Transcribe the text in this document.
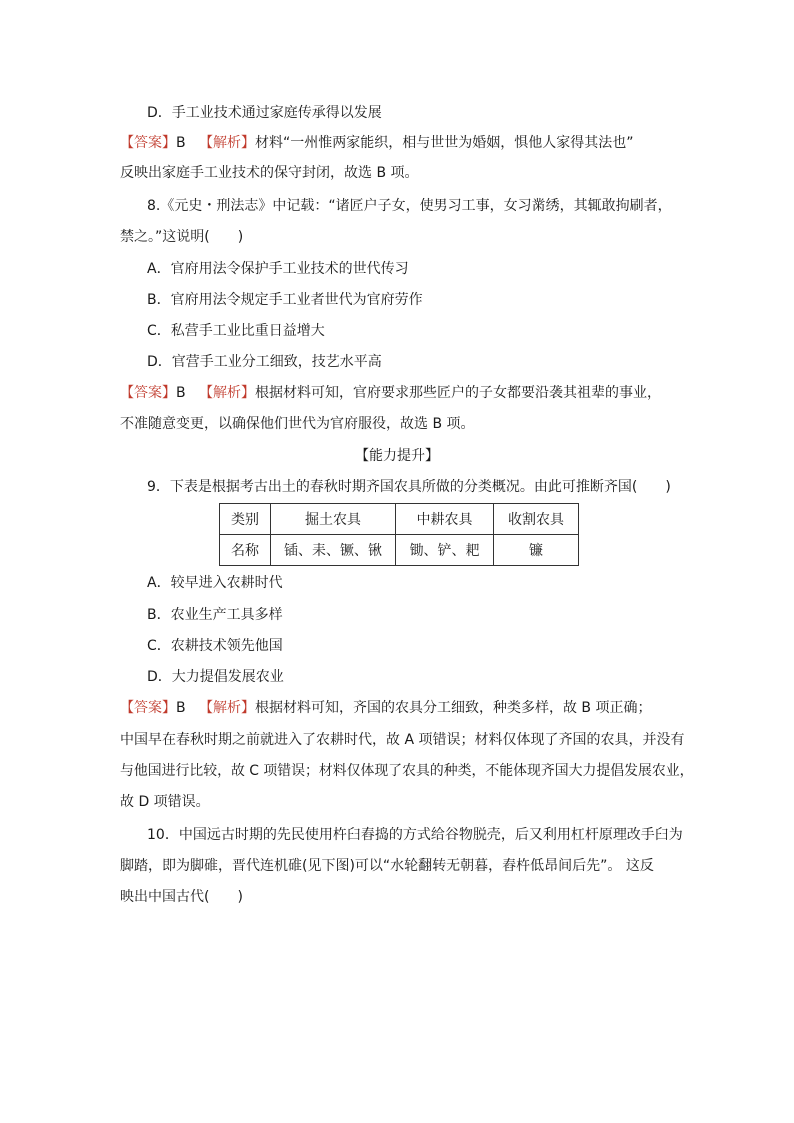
D．手工业技术通过家庭传承得以发展
【答案】B 【解析】材料“一州惟两家能织，相与世世为婚姻，惧他人家得其法也”
反映出家庭手工业技术的保守封闭，故选 B 项。
8.《元史・刑法志》中记载：“诸匠户子女，使男习工事，女习黹绣，其辄敢拘刷者，
禁之。”这说明(　　)
A．官府用法令保护手工业技术的世代传习
B．官府用法令规定手工业者世代为官府劳作
C．私营手工业比重日益增大
D．官营手工业分工细致，技艺水平高
【答案】B 【解析】根据材料可知，官府要求那些匠户的子女都要沿袭其祖辈的事业，
不准随意变更，以确保他们世代为官府服役，故选 B 项。
【能力提升】
9．下表是根据考古出土的春秋时期齐国农具所做的分类概况。由此可推断齐国(　　)
类别	掘土农具	中耕农具	收割农具
名称	锸、耒、镢、锹	锄、铲、耙	镰
A．较早进入农耕时代
B．农业生产工具多样
C．农耕技术领先他国
D．大力提倡发展农业
【答案】B 【解析】根据材料可知，齐国的农具分工细致，种类多样，故 B 项正确；
中国早在春秋时期之前就进入了农耕时代，故 A 项错误；材料仅体现了齐国的农具，并没有
与他国进行比较，故 C 项错误；材料仅体现了农具的种类，不能体现齐国大力提倡发展农业，
故 D 项错误。
10．中国远古时期的先民使用杵臼舂捣的方式给谷物脱壳，后又利用杠杆原理改手臼为
脚踏，即为脚碓，晋代连机碓(见下图)可以“水轮翻转无朝暮，舂杵低昂间后先”。 这反
映出中国古代(　　)
